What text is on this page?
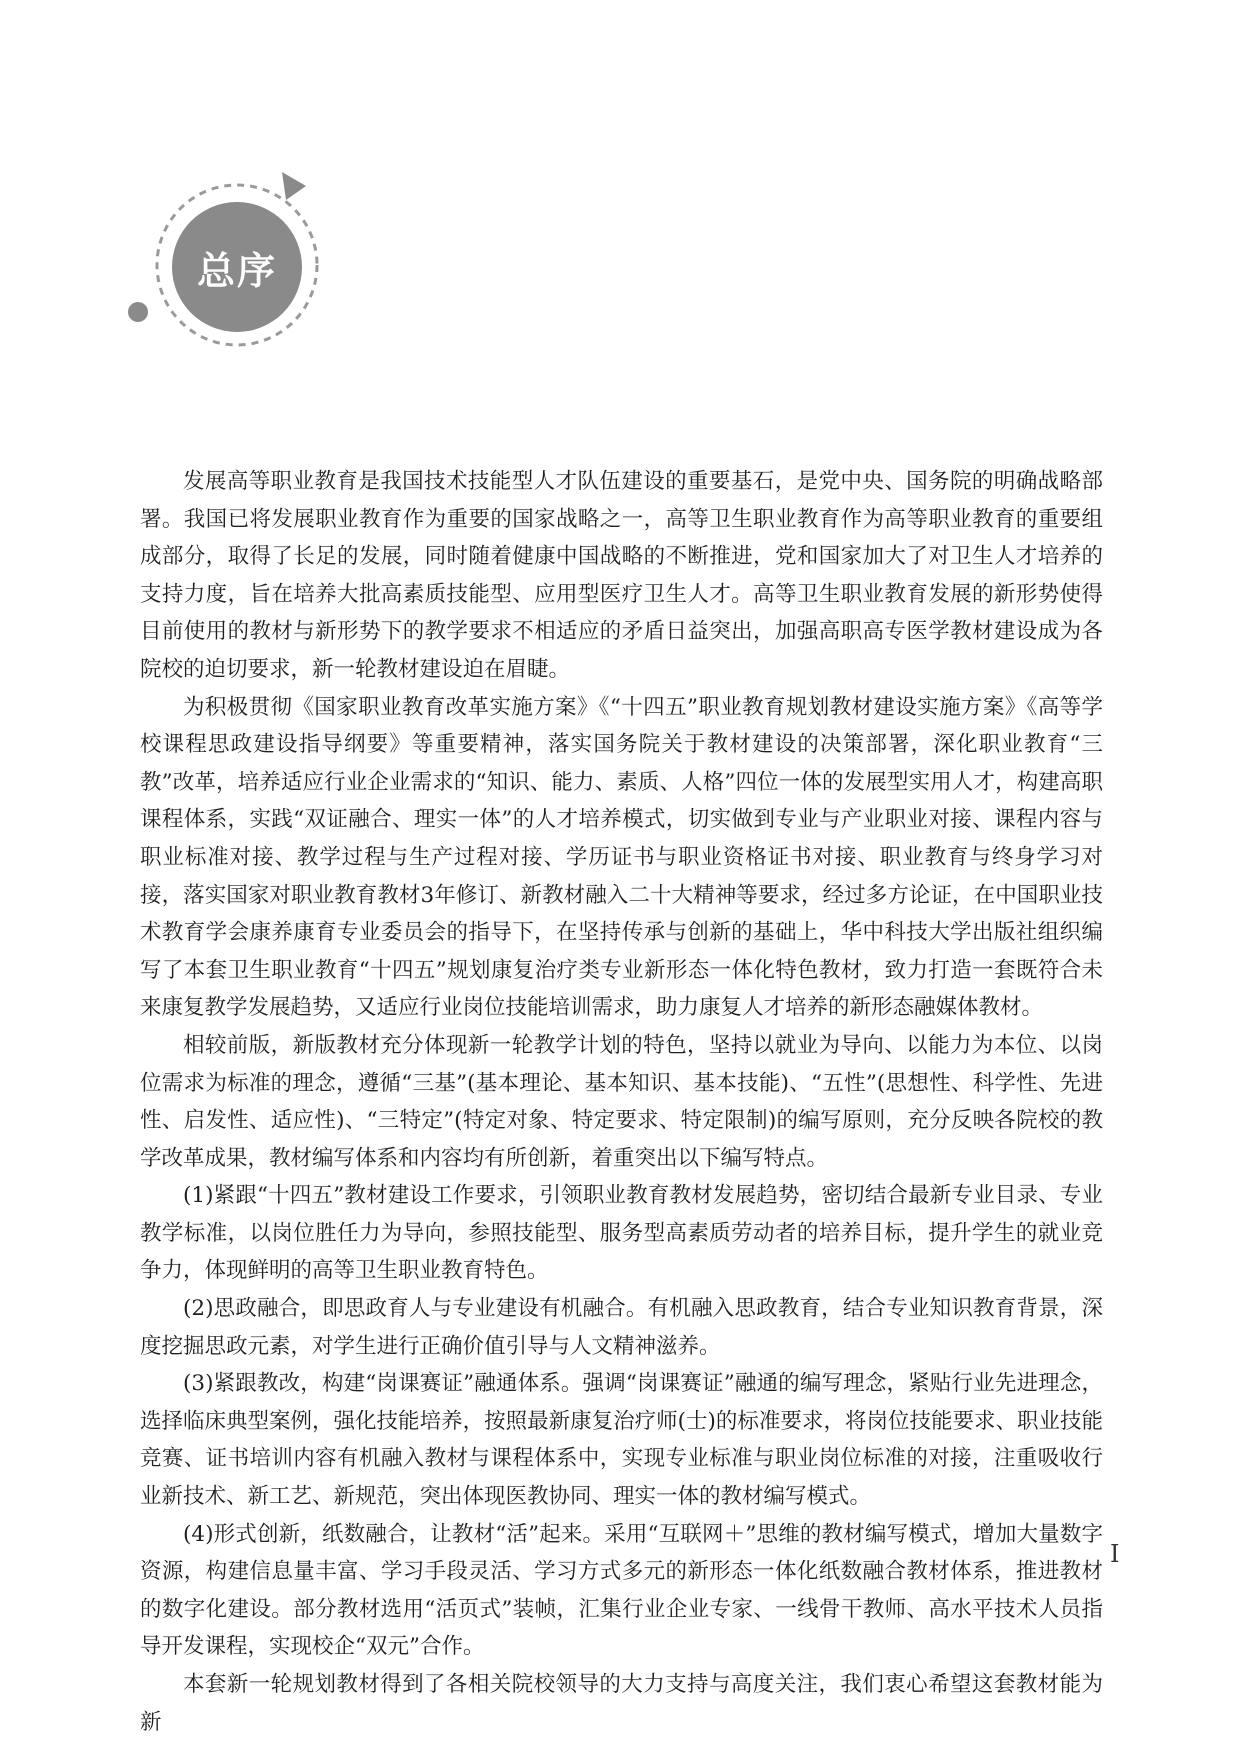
总序

发展高等职业教育是我国技术技能型人才队伍建设的重要基石，是党中央、国务院的明确战略部署。我国已将发展职业教育作为重要的国家战略之一，高等卫生职业教育作为高等职业教育的重要组成部分，取得了长足的发展，同时随着健康中国战略的不断推进，党和国家加大了对卫生人才培养的支持力度，旨在培养大批高素质技能型、应用型医疗卫生人才。高等卫生职业教育发展的新形势使得目前使用的教材与新形势下的教学要求不相适应的矛盾日益突出，加强高职高专医学教材建设成为各院校的迫切要求，新一轮教材建设迫在眉睫。

为积极贯彻《国家职业教育改革实施方案》《“十四五”职业教育规划教材建设实施方案》《高等学校课程思政建设指导纲要》等重要精神，落实国务院关于教材建设的决策部署，深化职业教育“三教”改革，培养适应行业企业需求的“知识、能力、素质、人格”四位一体的发展型实用人才，构建高职课程体系，实践“双证融合、理实一体”的人才培养模式，切实做到专业与产业职业对接、课程内容与职业标准对接、教学过程与生产过程对接、学历证书与职业资格证书对接、职业教育与终身学习对接，落实国家对职业教育教材3年修订、新教材融入二十大精神等要求，经过多方论证，在中国职业技术教育学会康养康育专业委员会的指导下，在坚持传承与创新的基础上，华中科技大学出版社组织编写了本套卫生职业教育“十四五”规划康复治疗类专业新形态一体化特色教材，致力打造一套既符合未来康复教学发展趋势，又适应行业岗位技能培训需求，助力康复人才培养的新形态融媒体教材。

相较前版，新版教材充分体现新一轮教学计划的特色，坚持以就业为导向、以能力为本位、以岗位需求为标准的理念，遵循“三基”(基本理论、基本知识、基本技能)、“五性”(思想性、科学性、先进性、启发性、适应性)、“三特定”(特定对象、特定要求、特定限制)的编写原则，充分反映各院校的教学改革成果，教材编写体系和内容均有所创新，着重突出以下编写特点。

(1)紧跟“十四五”教材建设工作要求，引领职业教育教材发展趋势，密切结合最新专业目录、专业教学标准，以岗位胜任力为导向，参照技能型、服务型高素质劳动者的培养目标，提升学生的就业竞争力，体现鲜明的高等卫生职业教育特色。

(2)思政融合，即思政育人与专业建设有机融合。有机融入思政教育，结合专业知识教育背景，深度挖掘思政元素，对学生进行正确价值引导与人文精神滋养。

(3)紧跟教改，构建“岗课赛证”融通体系。强调“岗课赛证”融通的编写理念，紧贴行业先进理念，选择临床典型案例，强化技能培养，按照最新康复治疗师(士)的标准要求，将岗位技能要求、职业技能竞赛、证书培训内容有机融入教材与课程体系中，实现专业标准与职业岗位标准的对接，注重吸收行业新技术、新工艺、新规范，突出体现医教协同、理实一体的教材编写模式。

(4)形式创新，纸数融合，让教材“活”起来。采用“互联网＋”思维的教材编写模式，增加大量数字资源，构建信息量丰富、学习手段灵活、学习方式多元的新形态一体化纸数融合教材体系，推进教材的数字化建设。部分教材选用“活页式”装帧，汇集行业企业专家、一线骨干教师、高水平技术人员指导开发课程，实现校企“双元”合作。

本套新一轮规划教材得到了各相关院校领导的大力支持与高度关注，我们衷心希望这套教材能为新

I
